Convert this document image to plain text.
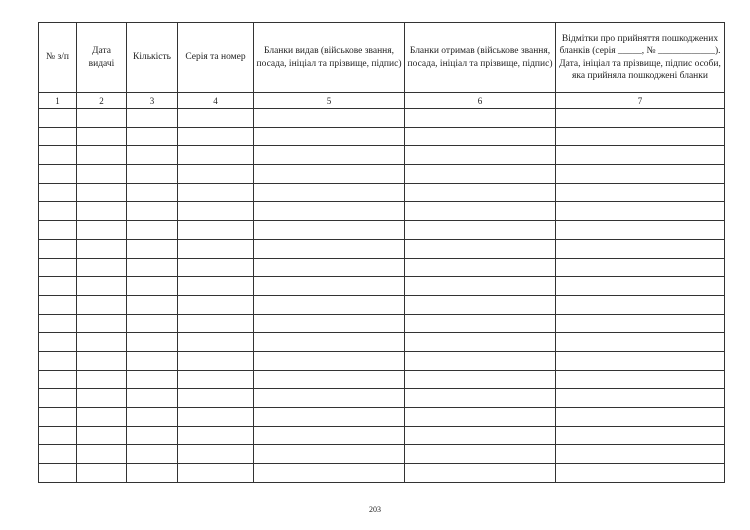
№ з/п	Дата видачі	Кількість	Серія та номер	Бланки видав (військове звання, посада, ініціал та прізвище, підпис)	Бланки отримав (військове звання, посада, ініціал та прізвище, підпис)	Відмітки про прийняття пошкоджених бланків (серія _____, № ____________). Дата, ініціал та прізвище, підпис особи, яка прийняла пошкоджені бланки
1	2	3	4	5	6	7

203
